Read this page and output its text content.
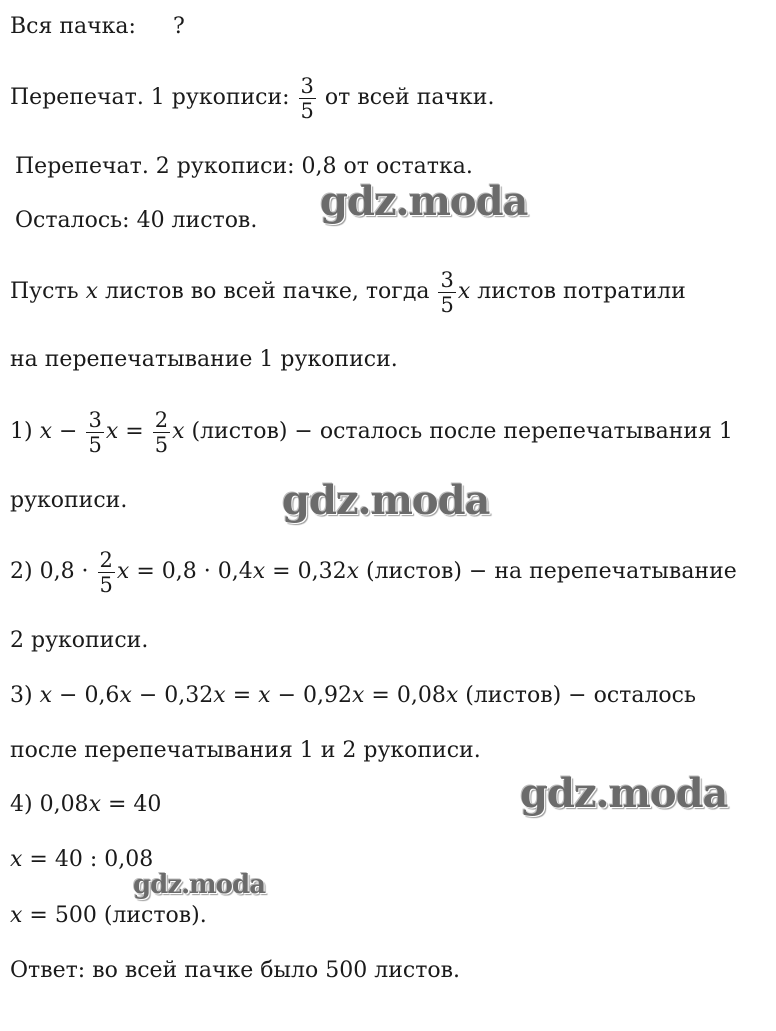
Вся пачка: ?
Перепечат. 1 рукописи: $\frac{3}{5}$ от всей пачки.
Перепечат. 2 рукописи: 0,8 от остатка.
Осталось: 40 листов.
Пусть x листов во всей пачке, тогда $\frac{3}{5}$ x листов потратили
на перепечатывание 1 рукописи.
1) $x - \frac{3}{5}$ $x = \frac{2}{5}$ x (листов) − осталось после перепечатывания 1
рукописи.
2) $0,8 \cdot \frac{2}{5}$ x = 0,8 · 0,4x = 0,32x (листов) − на перепечатывание
2 рукописи.
3) x − 0,6x − 0,32x = x − 0,92x = 0,08x (листов) − осталось
после перепечатывания 1 и 2 рукописи.
4) 0,08x = 40
x = 40 : 0,08
x = 500 (листов).
Ответ: во всей пачке было 500 листов.
gdz.moda
gdz.moda
gdz.moda
gdz.moda
